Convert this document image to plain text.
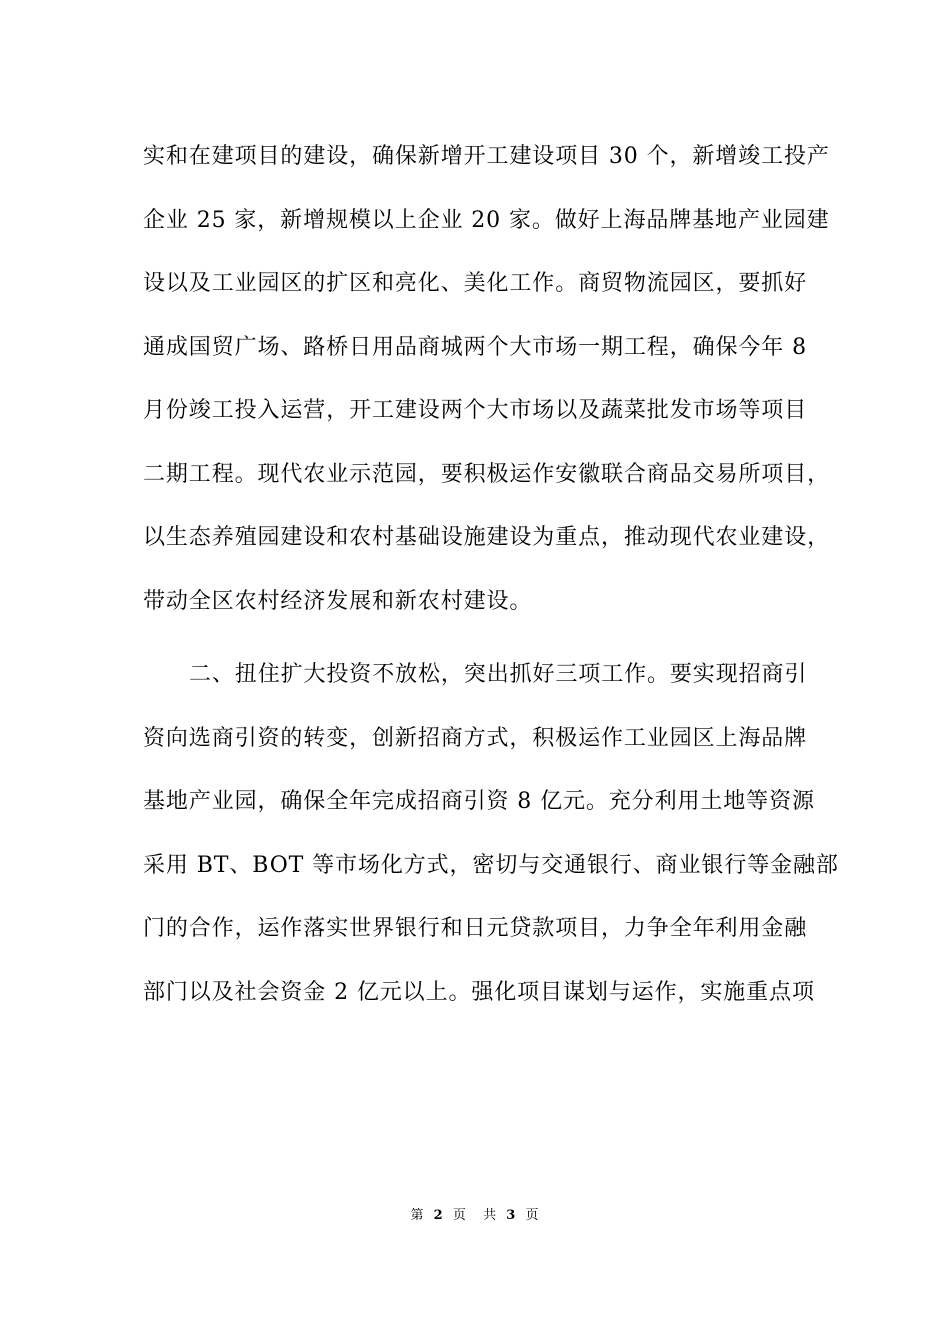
实和在建项目的建设，确保新增开工建设项目 30 个，新增竣工投产
企业 25 家，新增规模以上企业 20 家。做好上海品牌基地产业园建
设以及工业园区的扩区和亮化、美化工作。商贸物流园区，要抓好
通成国贸广场、路桥日用品商城两个大市场一期工程，确保今年 8
月份竣工投入运营，开工建设两个大市场以及蔬菜批发市场等项目
二期工程。现代农业示范园，要积极运作安徽联合商品交易所项目，
以生态养殖园建设和农村基础设施建设为重点，推动现代农业建设，
带动全区农村经济发展和新农村建设。
二、扭住扩大投资不放松，突出抓好三项工作。要实现招商引
资向选商引资的转变，创新招商方式，积极运作工业园区上海品牌
基地产业园，确保全年完成招商引资 8 亿元。充分利用土地等资源
采用 BT、BOT 等市场化方式，密切与交通银行、商业银行等金融部
门的合作，运作落实世界银行和日元贷款项目，力争全年利用金融
部门以及社会资金 2 亿元以上。强化项目谋划与运作，实施重点项
第 2 页 共 3 页
